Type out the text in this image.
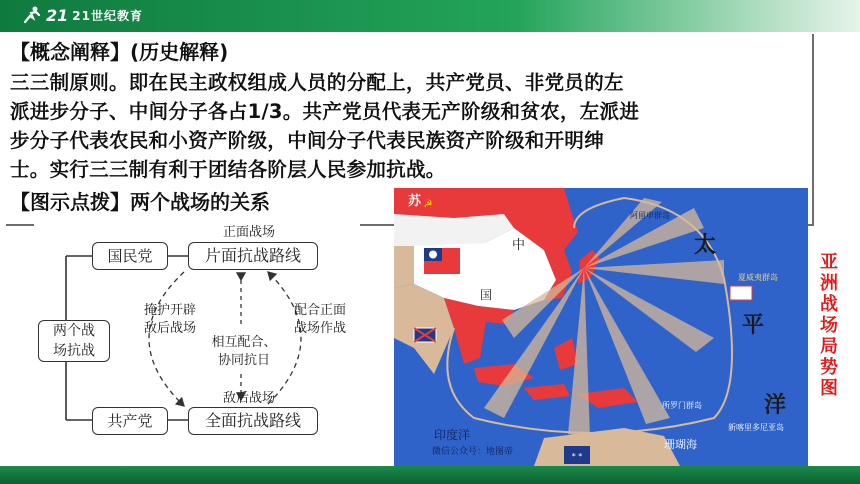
21 21世纪教育
【概念阐释】(历史解释)
三三制原则。即在民主政权组成人员的分配上，共产党员、非党员的左
派进步分子、中间分子各占1/3。共产党员代表无产阶级和贫农，左派进
步分子代表农民和小资产阶级，中间分子代表民族资产阶级和开明绅
士。实行三三制有利于团结各阶层人民参加抗战。
【图示点拨】两个战场的关系
国民党
共产党
两个战
场抗战
片面抗战路线
全面抗战路线
正面战场
敌后战场
掩护开辟
敌后战场
配合正面
战场作战
相互配合、
协同抗日
* *
☭
苏
中
国
太
平
洋
印度洋
阿留申群岛
夏威夷群岛
所罗门群岛
珊瑚海
新喀里多尼亚岛
微信公众号：地图帝
亚
洲
战
场
局
势
图
